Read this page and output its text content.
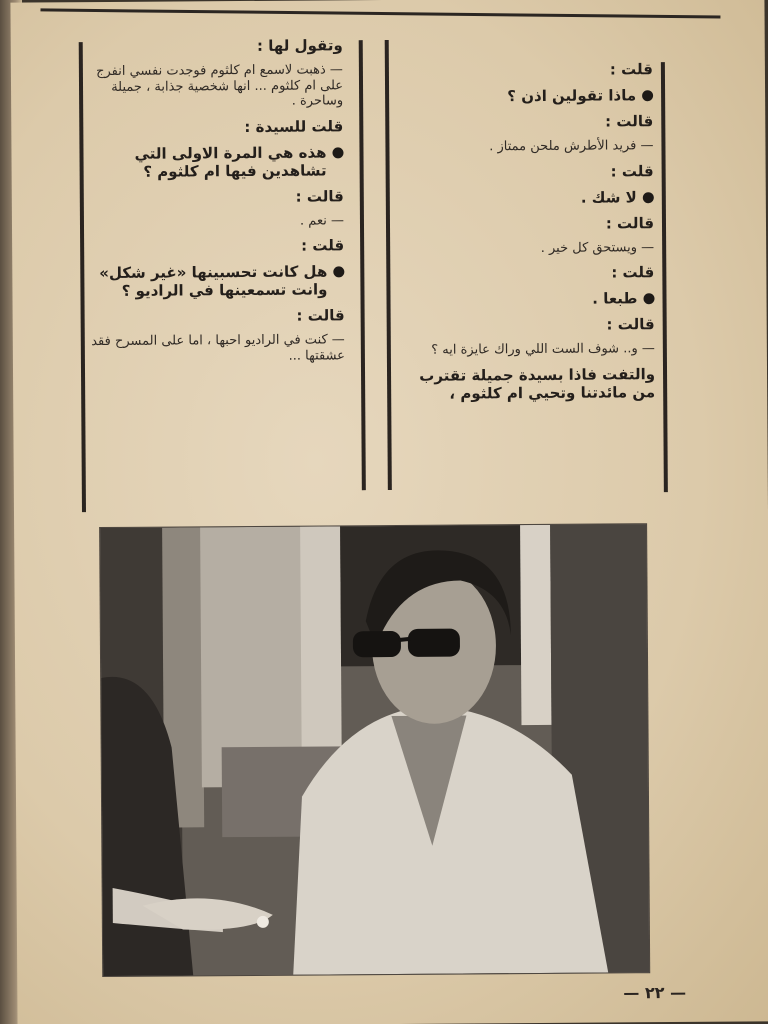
قلت :
ماذا تقولين اذن ؟
قالت :
— فريد الأطرش ملحن ممتاز .
قلت :
لا شك .
قالت :
— ويستحق كل خير .
قلت :
طبعا .
قالت :
— و.. شوف الست اللي وراك عايزة ايه ؟
والتفت فاذا بسيدة جميلة تقترب من مائدتنا وتحيي ام كلثوم ،
وتقول لها :
— ذهبت لاسمع ام كلثوم فوجدت نفسي انفرج على ام كلثوم ... انها شخصية جذابة ، جميلة وساحرة .
قلت للسيدة :
هذه هي المرة الاولى التي تشاهدين فيها ام كلثوم ؟
قالت :
— نعم .
قلت :
هل كانت تحسبينها «غير شكل» وانت تسمعينها في الراديو ؟
قالت :
— كنت في الراديو احبها ، اما على المسرح فقد عشقتها ...
— ٢٢ —
